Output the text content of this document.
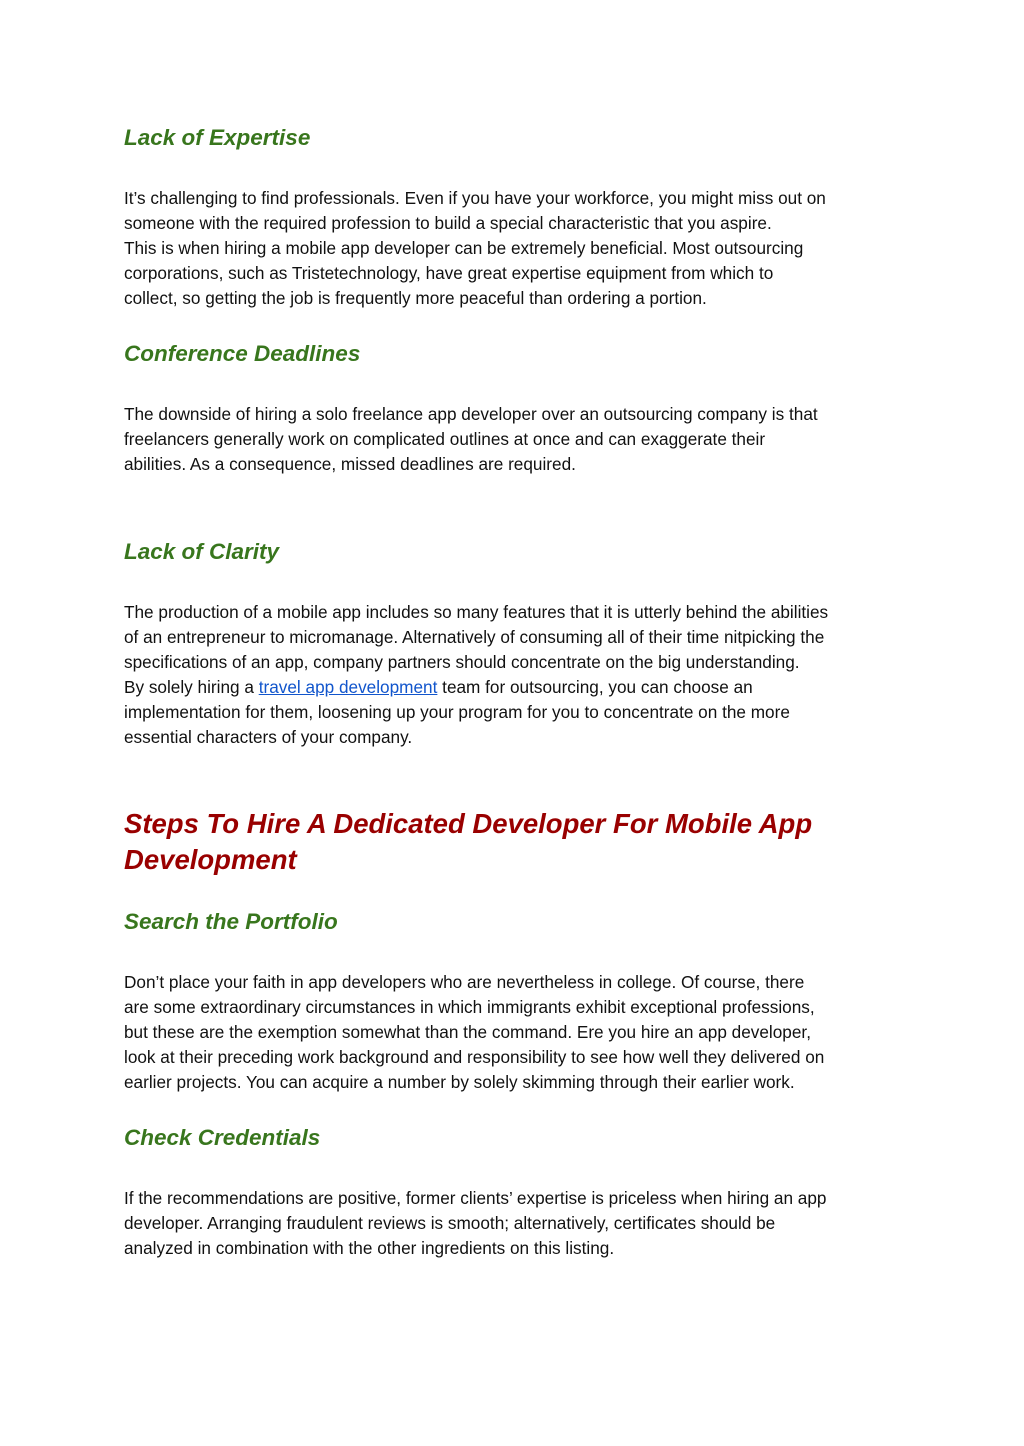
Lack of Expertise
It’s challenging to find professionals. Even if you have your workforce, you might miss out on
someone with the required profession to build a special characteristic that you aspire.
This is when hiring a mobile app developer can be extremely beneficial. Most outsourcing
corporations, such as Tristetechnology, have great expertise equipment from which to
collect, so getting the job is frequently more peaceful than ordering a portion.
Conference Deadlines
The downside of hiring a solo freelance app developer over an outsourcing company is that
freelancers generally work on complicated outlines at once and can exaggerate their
abilities. As a consequence, missed deadlines are required.
Lack of Clarity
The production of a mobile app includes so many features that it is utterly behind the abilities
of an entrepreneur to micromanage. Alternatively of consuming all of their time nitpicking the
specifications of an app, company partners should concentrate on the big understanding.
By solely hiring a travel app development team for outsourcing, you can choose an
implementation for them, loosening up your program for you to concentrate on the more
essential characters of your company.
Steps To Hire A Dedicated Developer For Mobile App
Development
Search the Portfolio
Don’t place your faith in app developers who are nevertheless in college. Of course, there
are some extraordinary circumstances in which immigrants exhibit exceptional professions,
but these are the exemption somewhat than the command. Ere you hire an app developer,
look at their preceding work background and responsibility to see how well they delivered on
earlier projects. You can acquire a number by solely skimming through their earlier work.
Check Credentials
If the recommendations are positive, former clients’ expertise is priceless when hiring an app
developer. Arranging fraudulent reviews is smooth; alternatively, certificates should be
analyzed in combination with the other ingredients on this listing.
